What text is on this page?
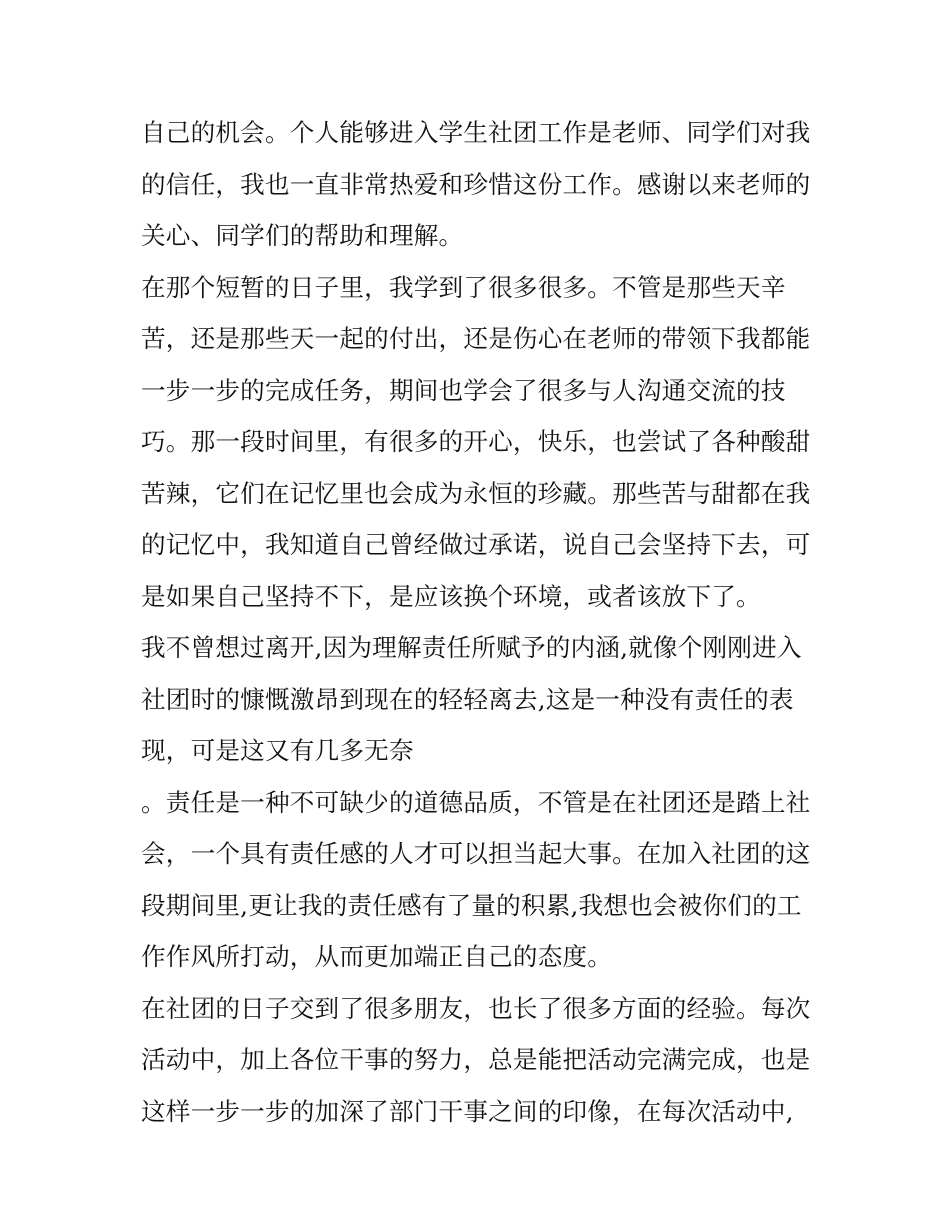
自己的机会。个人能够进入学生社团工作是老师、同学们对我
的信任，我也一直非常热爱和珍惜这份工作。感谢以来老师的
关心、同学们的帮助和理解。
在那个短暂的日子里，我学到了很多很多。不管是那些天辛
苦，还是那些天一起的付出，还是伤心在老师的带领下我都能
一步一步的完成任务，期间也学会了很多与人沟通交流的技
巧。那一段时间里，有很多的开心，快乐，也尝试了各种酸甜
苦辣，它们在记忆里也会成为永恒的珍藏。那些苦与甜都在我
的记忆中，我知道自己曾经做过承诺，说自己会坚持下去，可
是如果自己坚持不下，是应该换个环境，或者该放下了。
我不曾想过离开,因为理解责任所赋予的内涵,就像个刚刚进入
社团时的慷慨激昂到现在的轻轻离去,这是一种没有责任的表
现，可是这又有几多无奈
。责任是一种不可缺少的道德品质，不管是在社团还是踏上社
会，一个具有责任感的人才可以担当起大事。在加入社团的这
段期间里,更让我的责任感有了量的积累,我想也会被你们的工
作作风所打动，从而更加端正自己的态度。
在社团的日子交到了很多朋友，也长了很多方面的经验。每次
活动中，加上各位干事的努力，总是能把活动完满完成，也是
这样一步一步的加深了部门干事之间的印像，在每次活动中,
